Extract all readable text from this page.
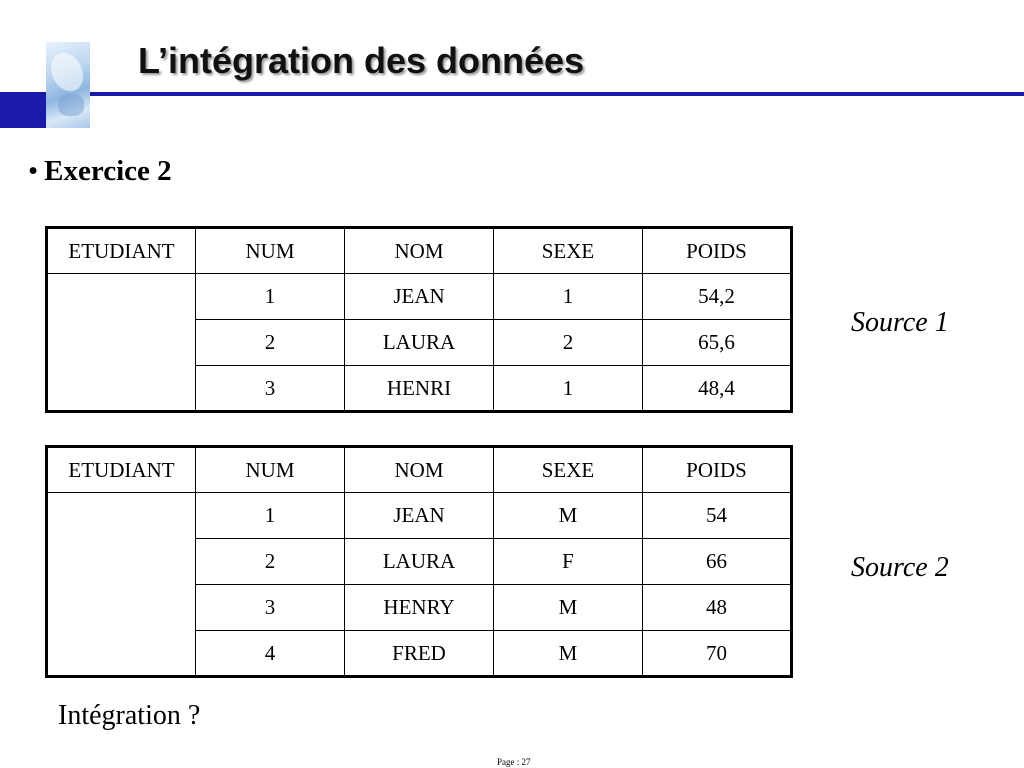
L’intégration des données
• Exercice 2
ETUDIANT	NUM	NOM	SEXE	POIDS
	1	JEAN	1	54,2
	2	LAURA	2	65,6
	3	HENRI	1	48,4
Source 1
ETUDIANT	NUM	NOM	SEXE	POIDS
	1	JEAN	M	54
	2	LAURA	F	66
	3	HENRY	M	48
	4	FRED	M	70
Source 2
Intégration ?
Page : 27
